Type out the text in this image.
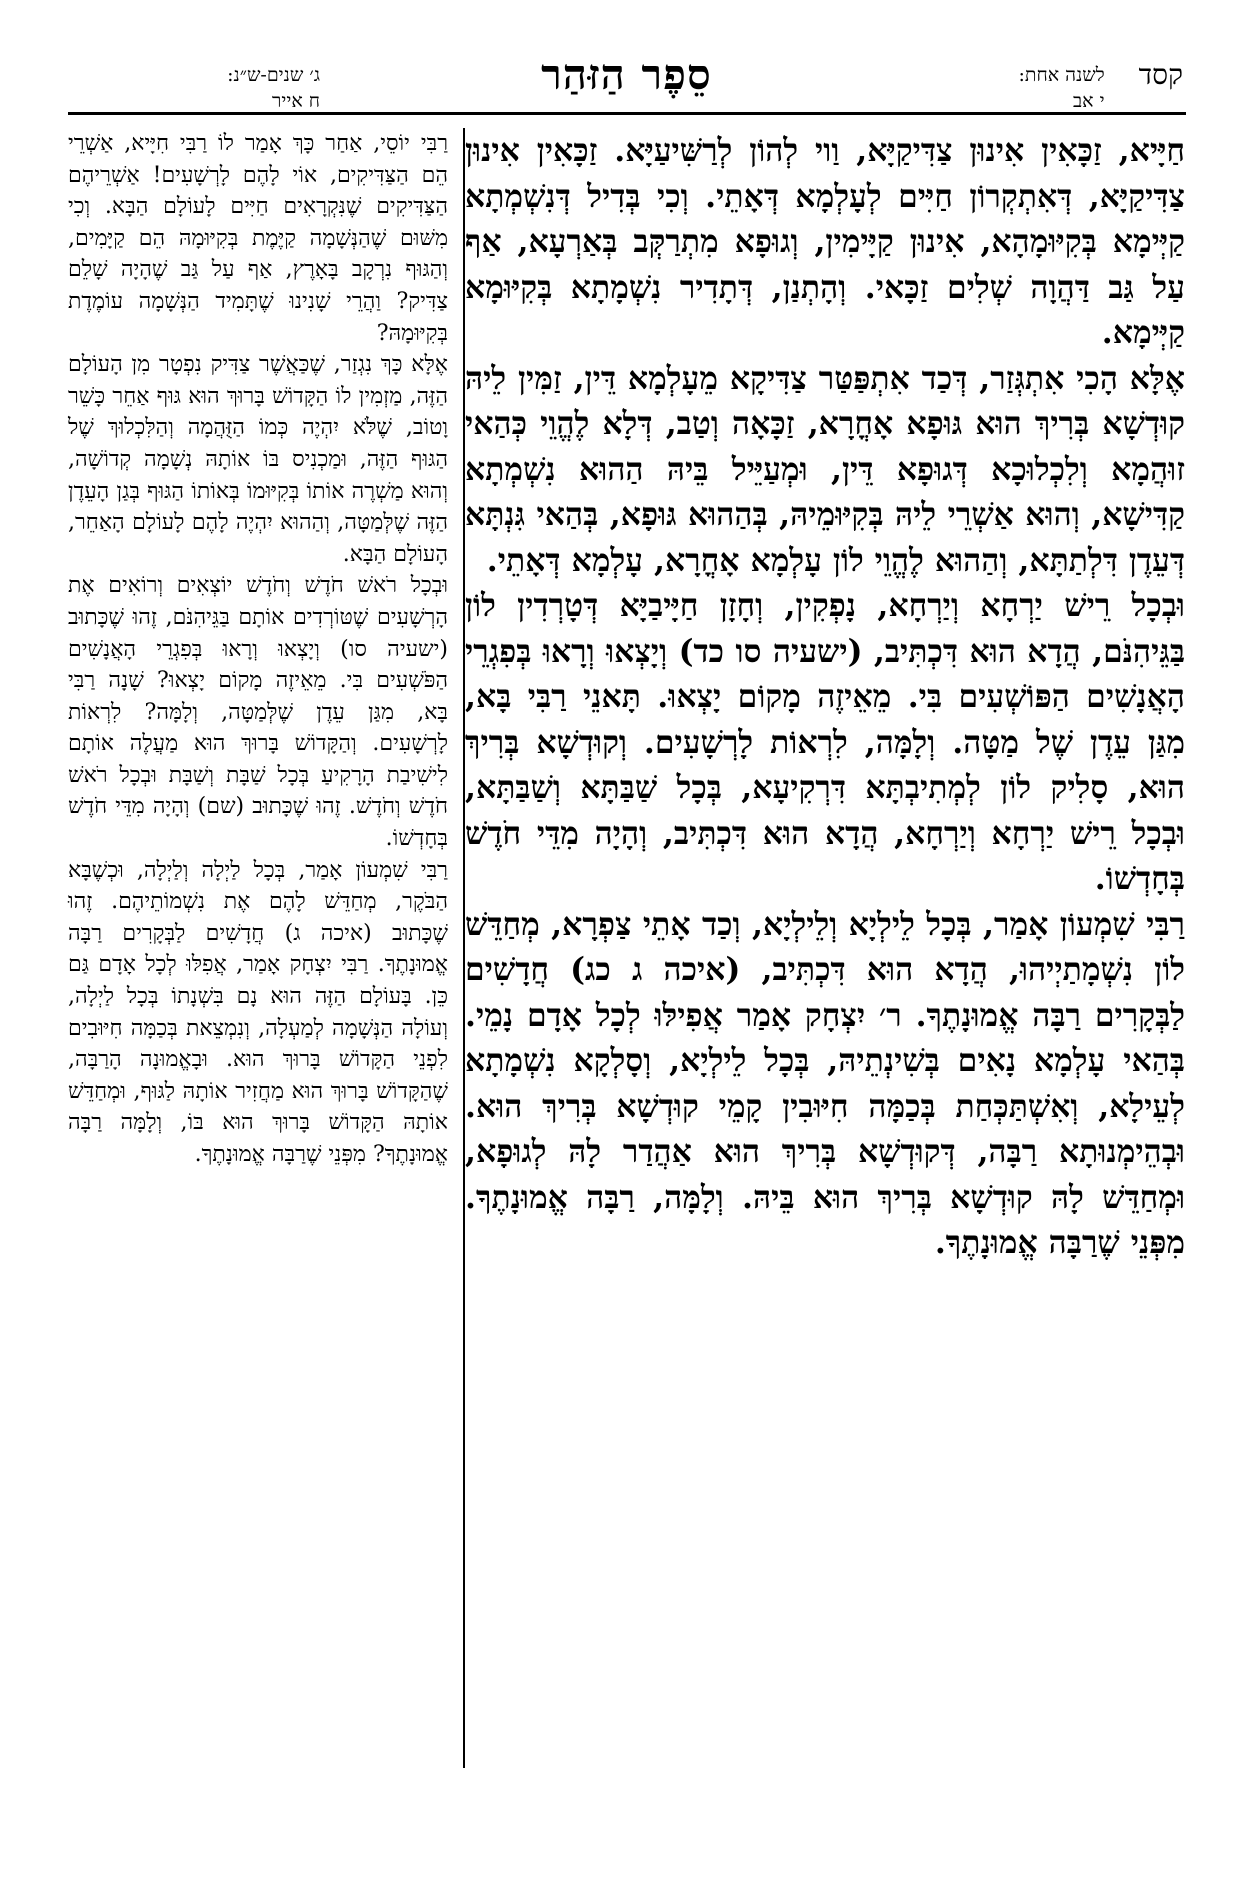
קסד
לשנה אחת:
י אב
סֵפֶר הַזּהַר
ג׳ שנים-ש״נ:
ח אייר

חַיָּיא, זַכָּאִין אִינוּן צַדִּיקַיָּא, וַוי לְהוֹן לְרַשִּׁיעַיָּא. זַכָּאִין אִינוּן צַדִּיקַיָּא, דְּאִתְקְרוֹן חַיִּים לְעָלְמָא דְּאָתֵי. וְכִי בְּדִיל דְּנִשְׁמְתָא קַיְּימָא בְּקִיּוּמָהָא, אִינוּן קַיָּימִין, וְגוּפָא מִתְרַקְּב בְּאַרְעָא, אַף עַל גַּב דַּהֲוָה שְׁלִים זַכָּאי. וְהָתְנַן, דְּתָדִיר נִשְׁמָתָא בְּקִיּוּמָא קַיְּימָא.

אֶלָּא הָכִי אִתְגְּזַר, דְּכַד אִתְפַּטַּר צַדִּיקָא מֵעָלְמָא דֵּין, זַמִּין לֵיהּ קוּדְשָׁא בְּרִיךְ הוּא גּוּפָא אָחֳרָא, זַכָּאָה וְטַב, דְּלָא לֶהֱוֵי כְּהַאי זוּהֲמָא וְלִכְלוּכָא דְּגוּפָא דֵּין, וּמְעַיֵּיל בֵּיהּ הַהוּא נִשְׁמְתָא קַדִּישָׁא, וְהוּא אַשְׁרֵי לֵיהּ בְּקִיּוּמֵיהּ, בְּהַהוּא גּוּפָא, בְּהַאי גִּנְתָּא דְּעֵדֶן דִּלְתַתָּא, וְהַהוּא לֶהֱוֵי לוֹן עָלְמָא אָחֳרָא, עָלְמָא דְּאָתֵי.

וּבְכָל רֵישׁ יַרְחָא וְיַרְחָא, נָפְקִין, וְחָזָן חַיָּיבַיָּא דְּטָרְדִין לוֹן בַּגֵּיהִנֹּם, הֲדָא הוּא דִּכְתִּיב, (ישעיה סו כד) וְיָצְאוּ וְרָאוּ בְּפִגְרֵי הָאֲנָשִׁים הַפּוֹשְׁעִים בִּי. מֵאֵיזֶה מָקוֹם יָצְאוּ. תָּאנֵי רַבִּי בָּא, מִגַּן עֵדֶן שֶׁל מַטָּה. וְלָמָּה, לִרְאוֹת לָרְשָׁעִים. וְקוּדְשָׁא בְּרִיךְ הוּא, סָלִיק לוֹן לְמְתִיבְתָּא דִּרְקִיעָא, בְּכָל שַׁבַּתָּא וְשַׁבַּתָּא, וּבְכָל רֵישׁ יַרְחָא וְיַרְחָא, הֲדָא הוּא דִּכְתִּיב, וְהָיָה מִדֵּי חֹדֶשׁ בְּחָדְשׁוֹ.

רַבִּי שִׁמְעוֹן אָמַר, בְּכָל לֵילְיָא וְלֵילְיָא, וְכַד אָתֵי צַפְרָא, מְחַדֵּשׁ לוֹן נִשְׁמָתַיְיהוּ, הֲדָא הוּא דִּכְתִּיב, (איכה ג כג) חֲדָשִׁים לַבְּקָרִים רַבָּה אֱמוּנָתֶךָ. ר׳ יִצְחָק אָמַר אֲפִילּוּ לְכָל אָדָם נָמֵי. בְּהַאי עָלְמָא נָאִים בְּשִׁינְתֵיהּ, בְּכָל לֵילְיָא, וְסָלְקָא נִשְׁמָתָא לְעֵילָא, וְאִשְׁתַּכְּחַת בְּכַמָּה חִיּוּבִין קָמֵי קוּדְשָׁא בְּרִיךְ הוּא. וּבְהֵימְנוּתָא רַבָּה, דְּקוּדְשָׁא בְּרִיךְ הוּא אַהֲדַר לָהּ לְגוּפָא, וּמְחַדֵּשׁ לָהּ קוּדְשָׁא בְּרִיךְ הוּא בֵּיהּ. וְלָמָּה, רַבָּה אֱמוּנָתֶךָ. מִפְּנֵי שֶׁרַבָּה אֱמוּנָתֶךָ.

רַבִּי יוֹסֵי, אַחַר כָּךְ אָמַר לוֹ רַבִּי חִיָּיא, אַשְׁרֵי הֵם הַצַּדִּיקִים, אוֹי לָהֶם לָרְשָׁעִים! אַשְׁרֵיהֶם הַצַּדִּיקִים שֶׁנִּקְרָאִים חַיִּים לָעוֹלָם הַבָּא. וְכִי מִשּׁוּם שֶׁהַנְּשָׁמָה קַיֶּמֶת בְּקִיּוּמָהּ הֵם קַיָּמִים, וְהַגּוּף נִרְקָב בָּאָרֶץ, אַף עַל גַּב שֶׁהָיָה שָׁלֵם צַדִּיק? וַהֲרֵי שָׁנִינוּ שֶׁתָּמִיד הַנְּשָׁמָה עוֹמֶדֶת בְּקִיּוּמָהּ?

אֶלָּא כָּךְ נִגְזַר, שֶׁכַּאֲשֶׁר צַדִּיק נִפְטָר מִן הָעוֹלָם הַזֶּה, מַזְמִין לוֹ הַקָּדוֹשׁ בָּרוּךְ הוּא גּוּף אַחֵר כָּשֵׁר וָטוֹב, שֶׁלֹּא יִהְיֶה כְּמוֹ הַזֻּהֲמָה וְהַלִּכְלוּךְ שֶׁל הַגּוּף הַזֶּה, וּמַכְנִיס בּוֹ אוֹתָהּ נְשָׁמָה קְדוֹשָׁה, וְהוּא מַשְׁרֶה אוֹתוֹ בְּקִיּוּמוֹ בְּאוֹתוֹ הַגּוּף בְּגַן הָעֵדֶן הַזֶּה שֶׁלְּמַטָּה, וְהַהוּא יִהְיֶה לָהֶם לָעוֹלָם הָאַחֵר, הָעוֹלָם הַבָּא.

וּבְכָל רֹאשׁ חֹדֶשׁ וְחֹדֶשׁ יוֹצְאִים וְרוֹאִים אֶת הָרְשָׁעִים שֶׁטּוֹרְדִים אוֹתָם בַּגֵּיהִנֹּם, זֶהוּ שֶׁכָּתוּב (ישעיה סו) וְיָצְאוּ וְרָאוּ בְּפִגְרֵי הָאֲנָשִׁים הַפֹּשְׁעִים בִּי. מֵאֵיזֶה מָקוֹם יָצְאוּ? שָׁנָה רַבִּי בָּא, מִגַּן עֵדֶן שֶׁלְּמַטָּה, וְלָמָּה? לִרְאוֹת לָרְשָׁעִים. וְהַקָּדוֹשׁ בָּרוּךְ הוּא מַעֲלֶה אוֹתָם לִישִׁיבַת הָרָקִיעַ בְּכָל שַׁבָּת וְשַׁבָּת וּבְכָל רֹאשׁ חֹדֶשׁ וְחֹדֶשׁ. זֶהוּ שֶׁכָּתוּב (שם) וְהָיָה מִדֵּי חֹדֶשׁ בְּחָדְשׁוֹ.

רַבִּי שִׁמְעוֹן אָמַר, בְּכָל לַיְלָה וְלַיְלָה, וּכְשֶׁבָּא הַבֹּקֶר, מְחַדֵּשׁ לָהֶם אֶת נִשְׁמוֹתֵיהֶם. זֶהוּ שֶׁכָּתוּב (איכה ג) חֲדָשִׁים לַבְּקָרִים רַבָּה אֱמוּנָתֶךָ. רַבִּי יִצְחָק אָמַר, אֲפִלּוּ לְכָל אָדָם גַּם כֵּן. בָּעוֹלָם הַזֶּה הוּא נָם בִּשְׁנָתוֹ בְּכָל לַיְלָה, וְעוֹלָה הַנְּשָׁמָה לְמַעְלָה, וְנִמְצֵאת בְּכַמָּה חִיּוּבִים לִפְנֵי הַקָּדוֹשׁ בָּרוּךְ הוּא. וּבָאֱמוּנָה הָרַבָּה, שֶׁהַקָּדוֹשׁ בָּרוּךְ הוּא מַחֲזִיר אוֹתָהּ לַגּוּף, וּמְחַדֵּשׁ אוֹתָהּ הַקָּדוֹשׁ בָּרוּךְ הוּא בּוֹ, וְלָמָּה רַבָּה אֱמוּנָתֶךָ? מִפְּנֵי שֶׁרַבָּה אֱמוּנָתֶךָ.
